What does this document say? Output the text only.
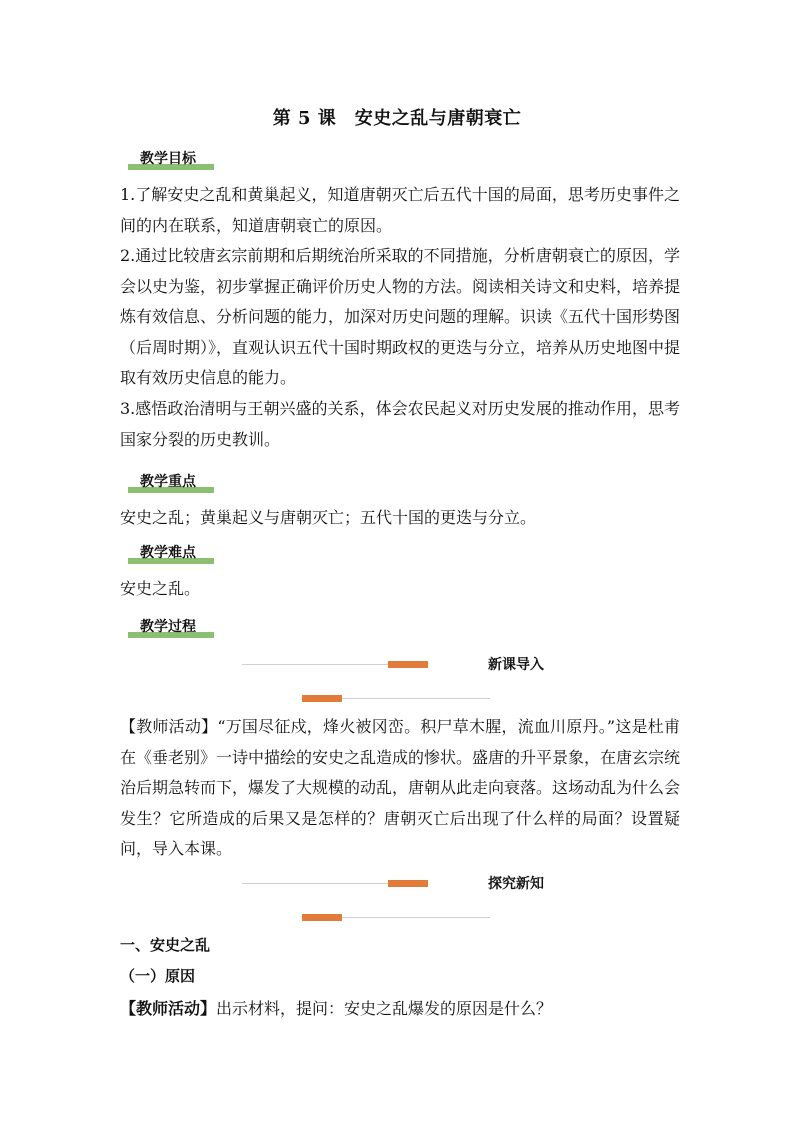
第 5 课　安史之乱与唐朝衰亡
教学目标

1.了解安史之乱和黄巢起义，知道唐朝灭亡后五代十国的局面，思考历史事件之间的内在联系，知道唐朝衰亡的原因。

2.通过比较唐玄宗前期和后期统治所采取的不同措施，分析唐朝衰亡的原因，学会以史为鉴，初步掌握正确评价历史人物的方法。阅读相关诗文和史料，培养提炼有效信息、分析问题的能力，加深对历史问题的理解。识读《五代十国形势图（后周时期）》，直观认识五代十国时期政权的更迭与分立，培养从历史地图中提取有效历史信息的能力。

3.感悟政治清明与王朝兴盛的关系，体会农民起义对历史发展的推动作用，思考国家分裂的历史教训。

教学重点

安史之乱；黄巢起义与唐朝灭亡；五代十国的更迭与分立。

教学难点

安史之乱。

教学过程
新课导入

【教师活动】“万国尽征戍，烽火被冈峦。积尸草木腥，流血川原丹。”这是杜甫在《垂老别》一诗中描绘的安史之乱造成的惨状。盛唐的升平景象，在唐玄宗统治后期急转而下，爆发了大规模的动乱，唐朝从此走向衰落。这场动乱为什么会发生？它所造成的后果又是怎样的？唐朝灭亡后出现了什么样的局面？设置疑问，导入本课。

探究新知
一、安史之乱
（一）原因
【教师活动】出示材料，提问：安史之乱爆发的原因是什么？
